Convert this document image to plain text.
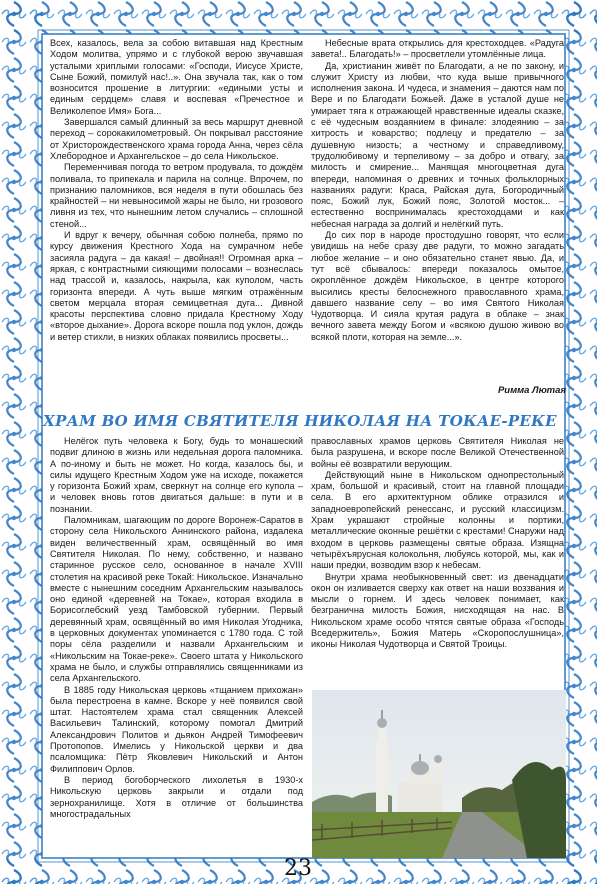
Всех, казалось, вела за собою витавшая над Крестным Ходом молитва, упрямо и с глубокой верою звучавшая усталыми хриплыми голосами: «Господи, Иисусе Христе, Сыне Божий, помилуй нас!..». Она звучала так, как о том возносится прошение в литургии: «едиными усты и единым сердцем» славя и воспевая «Пречестное и Великолепое Имя» Бога...

Завершался самый длинный за весь маршрут дневной переход – сорокакилометровый. Он покрывал расстояние от Христорождественского храма города Анна, через сёла Хлебородное и Архангельское – до села Никольское.

Переменчивая погода то ветром продувала, то дождём поливала, то припекала и парила на солнце. Впрочем, по признанию паломников, вся неделя в пути обошлась без крайностей – ни невыносимой жары не было, ни грозового ливня из тех, что нынешним летом случались – сплошной стеной...

И вдруг к вечеру, обычная собою полнеба, прямо по курсу движения Крестного Хода на сумрачном небе засияла радуга – да какая! – двойная!! Огромная арка – яркая, с контрастными сияющими полосами – вознеслась над трассой и, казалось, накрыла, как куполом, часть горизонта впереди. А чуть выше мягким отражённым светом мерцала вторая семицветная дуга... Дивной красоты перспектива словно придала Крестному Ходу «второе дыхание». Дорога вскоре пошла под уклон, дождь и ветер стихли, в низких облаках появились просветы...

Небесные врата открылись для крестоходцев. «Радуга завета!.. Благодать!» – просветлели утомлённые лица.

Да, христианин живёт по Благодати, а не по закону, и служит Христу из любви, что куда выше привычного исполнения закона. И чудеса, и знамения – даются нам по Вере и по Благодати Божьей. Даже в усталой душе не умирает тяга к отражающей нравственные идеалы сказке, с её чудесным воздаянием в финале: злодеянию – за хитрость и коварство; подлецу и предателю – за душевную низость; а честному и справедливому, трудолюбивому и терпеливому – за добро и отвагу, за милость и смирение... Манящая многоцветная дуга впереди, напоминая о древних и точных фольклорных названиях радуги: Краса, Райская дуга, Богородичный пояс, Божий лук, Божий пояс, Золотой мосток... – естественно воспринималась крестоходцами и как небесная награда за долгий и нелёгкий путь.

До сих пор в народе простодушно говорят, что если увидишь на небе сразу две радуги, то можно загадать любое желание – и оно обязательно станет явью. Да, и тут всё сбывалось: впереди показалось омытое, окроплённое дождём Никольское, в центре которого высились кресты белоснежного православного храма, давшего название селу – во имя Святого Николая Чудотворца. И сияла крутая радуга в облаке – знак вечного завета между Богом и «всякою душою живою во всякой плоти, которая на земле...».

Римма Лютая
ХРАМ ВО ИМЯ СВЯТИТЕЛЯ НИКОЛАЯ НА ТОКАЕ-РЕКЕ

Нелёгок путь человека к Богу, будь то монашеский подвиг длиною в жизнь или недельная дорога паломника. А по-иному и быть не может. Но когда, казалось бы, и силы идущего Крестным Ходом уже на исходе, покажется у горизонта Божий храм, сверкнут на солнце его купола – и человек вновь готов двигаться дальше: в пути и в познании.

Паломникам, шагающим по дороге Воронеж-Саратов в сторону села Никольского Аннинского района, издалека виден величественный храм, освящённый во имя Святителя Николая. По нему, собственно, и названо старинное русское село, основанное в начале XVIII столетия на красивой реке Токай: Никольское. Изначально вместе с нынешним соседним Архангельским называлось оно единой «деревней на Токае», которая входила в Борисоглебский уезд Тамбовской губернии. Первый деревянный храм, освящённый во имя Николая Угодника, в церковных документах упоминается с 1780 года. С той поры сёла разделили и назвали Архангельским и «Никольским на Токае-реке». Своего штата у Никольского храма не было, и службы отправлялись священниками из села Архангельского.

В 1885 году Никольская церковь «тщанием прихожан» была перестроена в камне. Вскоре у неё появился свой штат. Настоятелем храма стал священник Алексей Васильевич Талинский, которому помогал Дмитрий Александрович Политов и дьякон Андрей Тимофеевич Протопопов. Имелись у Никольской церкви и два псаломщика: Пётр Яковлевич Никольский и Антон Филиппович Орлов.

В период богоборческого лихолетья в 1930-х Никольскую церковь закрыли и отдали под зернохранилище. Хотя в отличие от большинства многострадальных

православных храмов церковь Святителя Николая не была разрушена, и вскоре после Великой Отечественной войны её возвратили верующим.

Действующий ныне в Никольском однопрестольный храм, большой и красивый, стоит на главной площади села. В его архитектурном облике отразился и западноевропейский ренессанс, и русский классицизм. Храм украшают стройные колонны и портики, металлические оконные решётки с крестами! Снаружи над входом в церковь размещены святые образа. Изящна четырёхъярусная колокольня, любуясь которой, мы, как и наши предки, возводим взор к небесам.

Внутри храма необыкновенный свет: из двенадцати окон он изливается сверху как ответ на наши воззвания и мысли о горнем. И здесь человек понимает, как безгранична милость Божия, нисходящая на нас. В Никольском храме особо чтятся святые образа «Господь Вседержитель», Божия Матерь «Скоропослушница», иконы Николая Чудотворца и Святой Троицы.

23
